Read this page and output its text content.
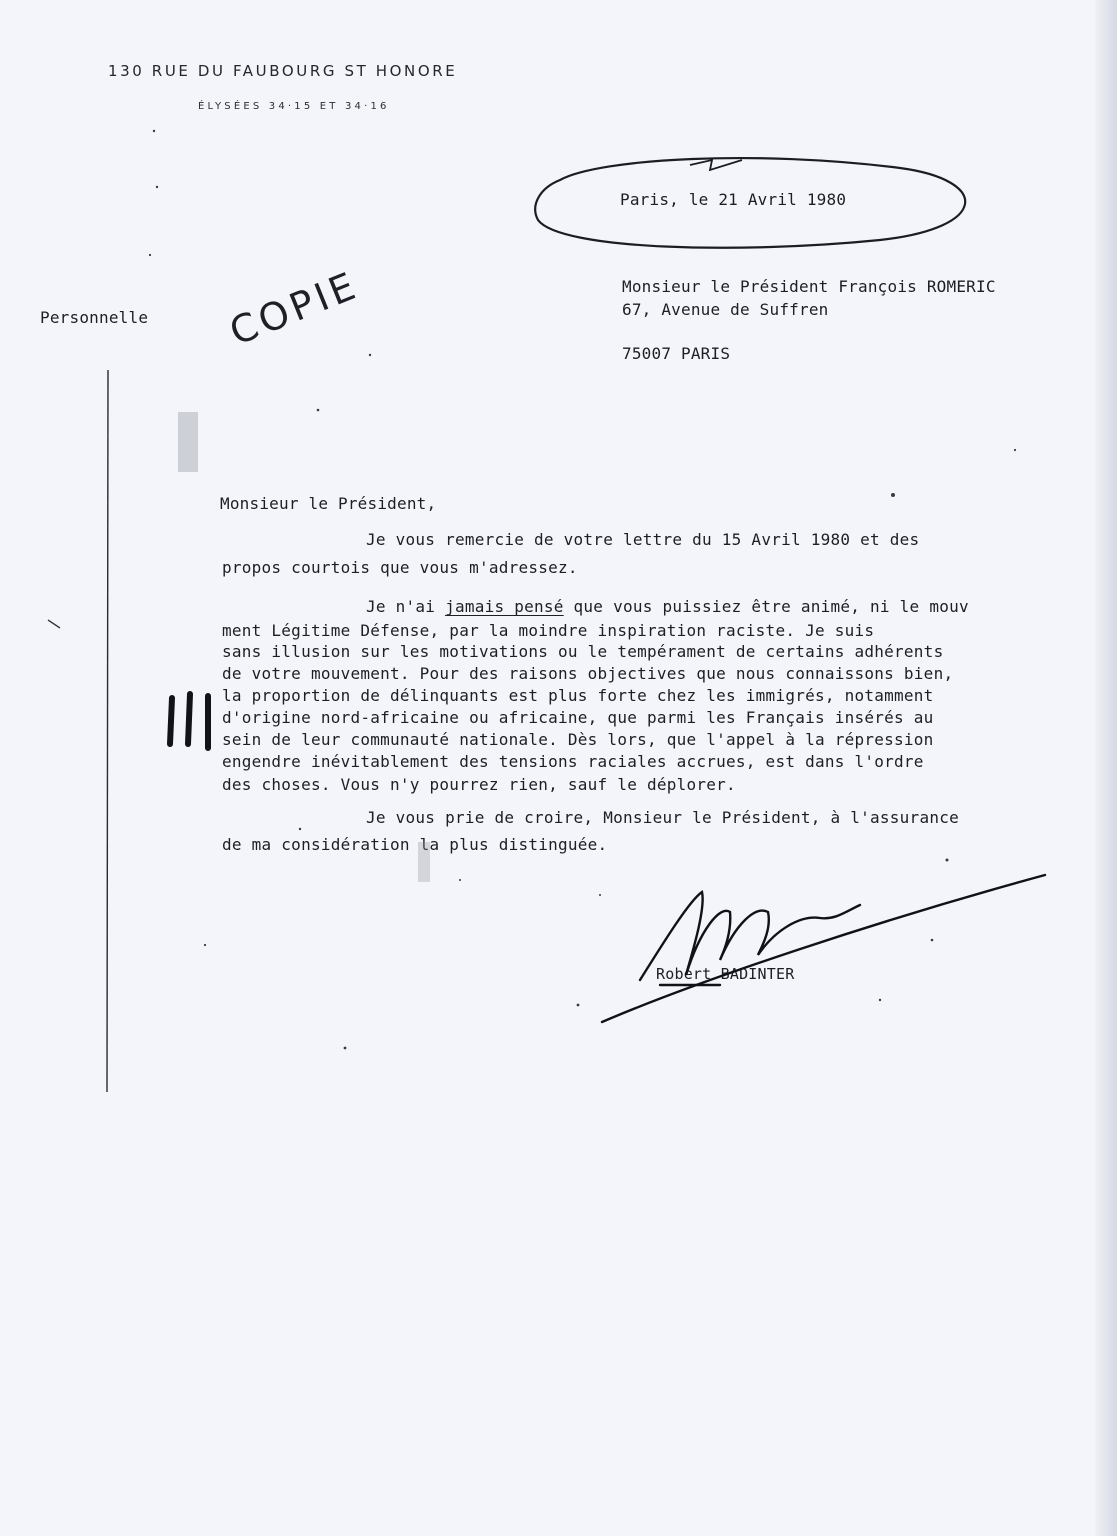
130 RUE DU FAUBOURG ST HONORE
ÉLYSÉES 34·15 ET 34·16
Paris, le 21 Avril 1980
COPIE
Personnelle
Monsieur le Président François ROMERIC
67, Avenue de Suffren
75007 PARIS
Monsieur le Président,
Je vous remercie de votre lettre du 15 Avril 1980 et des
propos courtois que vous m'adressez.
Je n'ai jamais pensé que vous puissiez être animé, ni le mouv
ment Légitime Défense, par la moindre inspiration raciste. Je suis
sans illusion sur les motivations ou le tempérament de certains adhérents
de votre mouvement. Pour des raisons objectives que nous connaissons bien,
la proportion de délinquants est plus forte chez les immigrés, notamment
d'origine nord-africaine ou africaine, que parmi les Français insérés au
sein de leur communauté nationale. Dès lors, que l'appel à la répression
engendre inévitablement des tensions raciales accrues, est dans l'ordre
des choses. Vous n'y pourrez rien, sauf le déplorer.
Je vous prie de croire, Monsieur le Président, à l'assurance
de ma considération la plus distinguée.
Robert BADINTER
